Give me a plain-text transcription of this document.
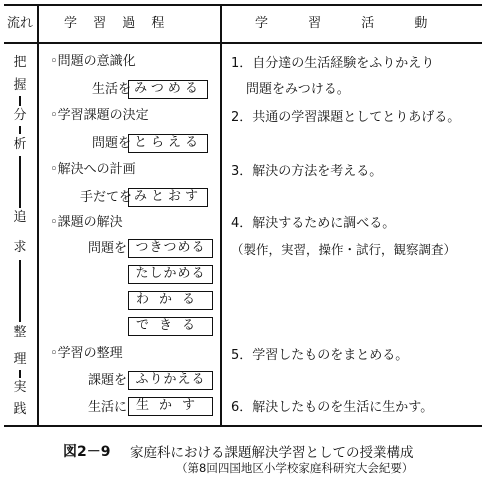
流れ 学 習 過 程	学 習 活 動
把
握
分
析
追
求
整
理
実
践
◦問題の意識化
生活を みつめる
◦学習課題の決定
問題を とらえる
◦解決への計画
手だてを みとおす
◦課題の解決
問題を つきつめる
たしかめる
わかる
できる
◦学習の整理
課題を ふりかえる
生活に 生かす
1．自分達の生活経験をふりかえり
問題をみつける。
2．共通の学習課題としてとりあげる。
3．解決の方法を考える。
4．解決するために調べる。
（製作，実習，操作・試行，観察調査）
5．学習したものをまとめる。
6．解決したものを生活に生かす。
図2－9 家庭科における課題解決学習としての授業構成
（第8回四国地区小学校家庭科研究大会紀要）
